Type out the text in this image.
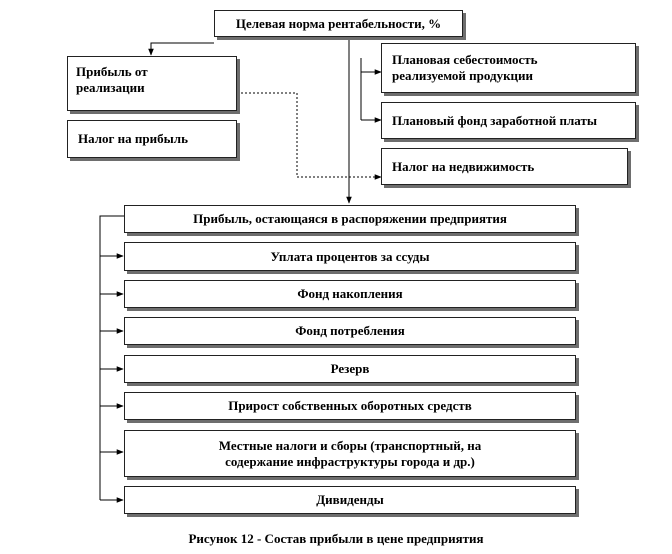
Целевая норма рентабельности, %
Прибыль от реализации
Налог на прибыль
Плановая себестоимость реализуемой продукции
Плановый фонд заработной платы
Налог на недвижимость
Прибыль, остающаяся в распоряжении предприятия
Уплата процентов за ссуды
Фонд накопления
Фонд потребления
Резерв
Прирост собственных оборотных средств
Местные налоги и сборы (транспортный, на содержание инфраструктуры города и др.)
Дивиденды
Рисунок 12 - Состав прибыли в цене предприятия
